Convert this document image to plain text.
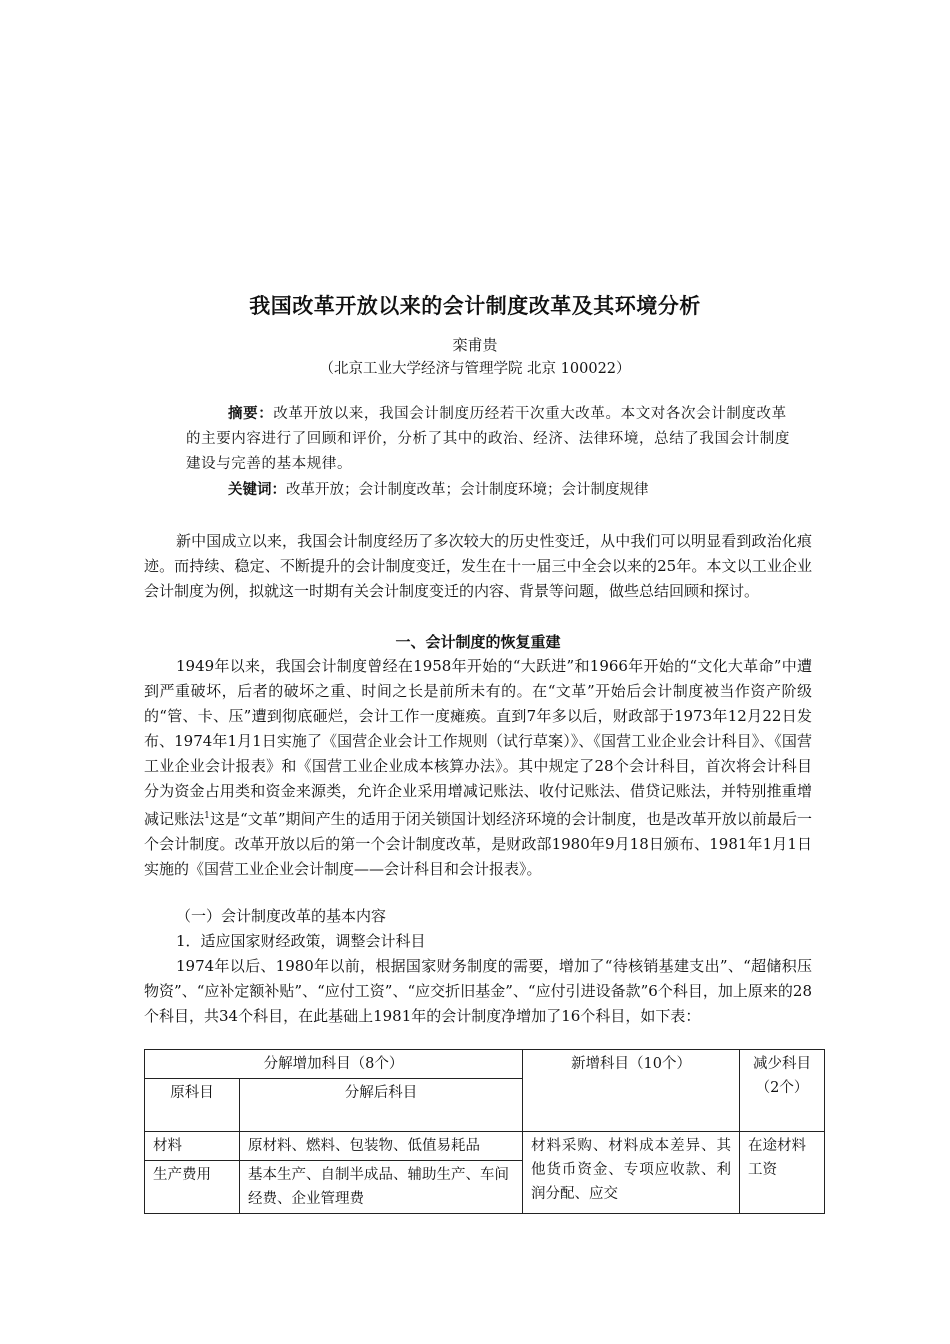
我国改革开放以来的会计制度改革及其环境分析
栾甫贵
（北京工业大学经济与管理学院 北京 100022）
摘要：改革开放以来，我国会计制度历经若干次重大改革。本文对各次会计制度改革的主要内容进行了回顾和评价，分析了其中的政治、经济、法律环境，总结了我国会计制度建设与完善的基本规律。
关键词：改革开放；会计制度改革；会计制度环境；会计制度规律
新中国成立以来，我国会计制度经历了多次较大的历史性变迁，从中我们可以明显看到政治化痕迹。而持续、稳定、不断提升的会计制度变迁，发生在十一届三中全会以来的25年。本文以工业企业会计制度为例，拟就这一时期有关会计制度变迁的内容、背景等问题，做些总结回顾和探讨。
一、会计制度的恢复重建
1949年以来，我国会计制度曾经在1958年开始的“大跃进”和1966年开始的“文化大革命”中遭到严重破坏，后者的破坏之重、时间之长是前所未有的。在“文革”开始后会计制度被当作资产阶级的“管、卡、压”遭到彻底砸烂，会计工作一度瘫痪。直到7年多以后，财政部于1973年12月22日发布、1974年1月1日实施了《国营企业会计工作规则（试行草案）》、《国营工业企业会计科目》、《国营工业企业会计报表》和《国营工业企业成本核算办法》。其中规定了28个会计科目，首次将会计科目分为资金占用类和资金来源类，允许企业采用增减记账法、收付记账法、借贷记账法，并特别推重增减记账法$^1$这是“文革”期间产生的适用于闭关锁国计划经济环境的会计制度，也是改革开放以前最后一个会计制度。改革开放以后的第一个会计制度改革，是财政部1980年9月18日颁布、1981年1月1日实施的《国营工业企业会计制度——会计科目和会计报表》。
（一）会计制度改革的基本内容
1．适应国家财经政策，调整会计科目
1974年以后、1980年以前，根据国家财务制度的需要，增加了“待核销基建支出”、“超储积压物资”、“应补定额补贴”、“应付工资”、“应交折旧基金”、“应付引进设备款”6个科目，加上原来的28个科目，共34个科目，在此基础上1981年的会计制度净增加了16个科目，如下表：
分解增加科目（8个）		新增科目（10个）	减少科目（2个）
原科目	分解后科目		
材料	原材料、燃料、包装物、低值易耗品	材料采购、材料成本差异、其他货币资金、专项应收款、利润分配、应交	在途材料
工资

生产费用	基本生产、自制半成品、辅助生产、车间经费、企业管理费		
